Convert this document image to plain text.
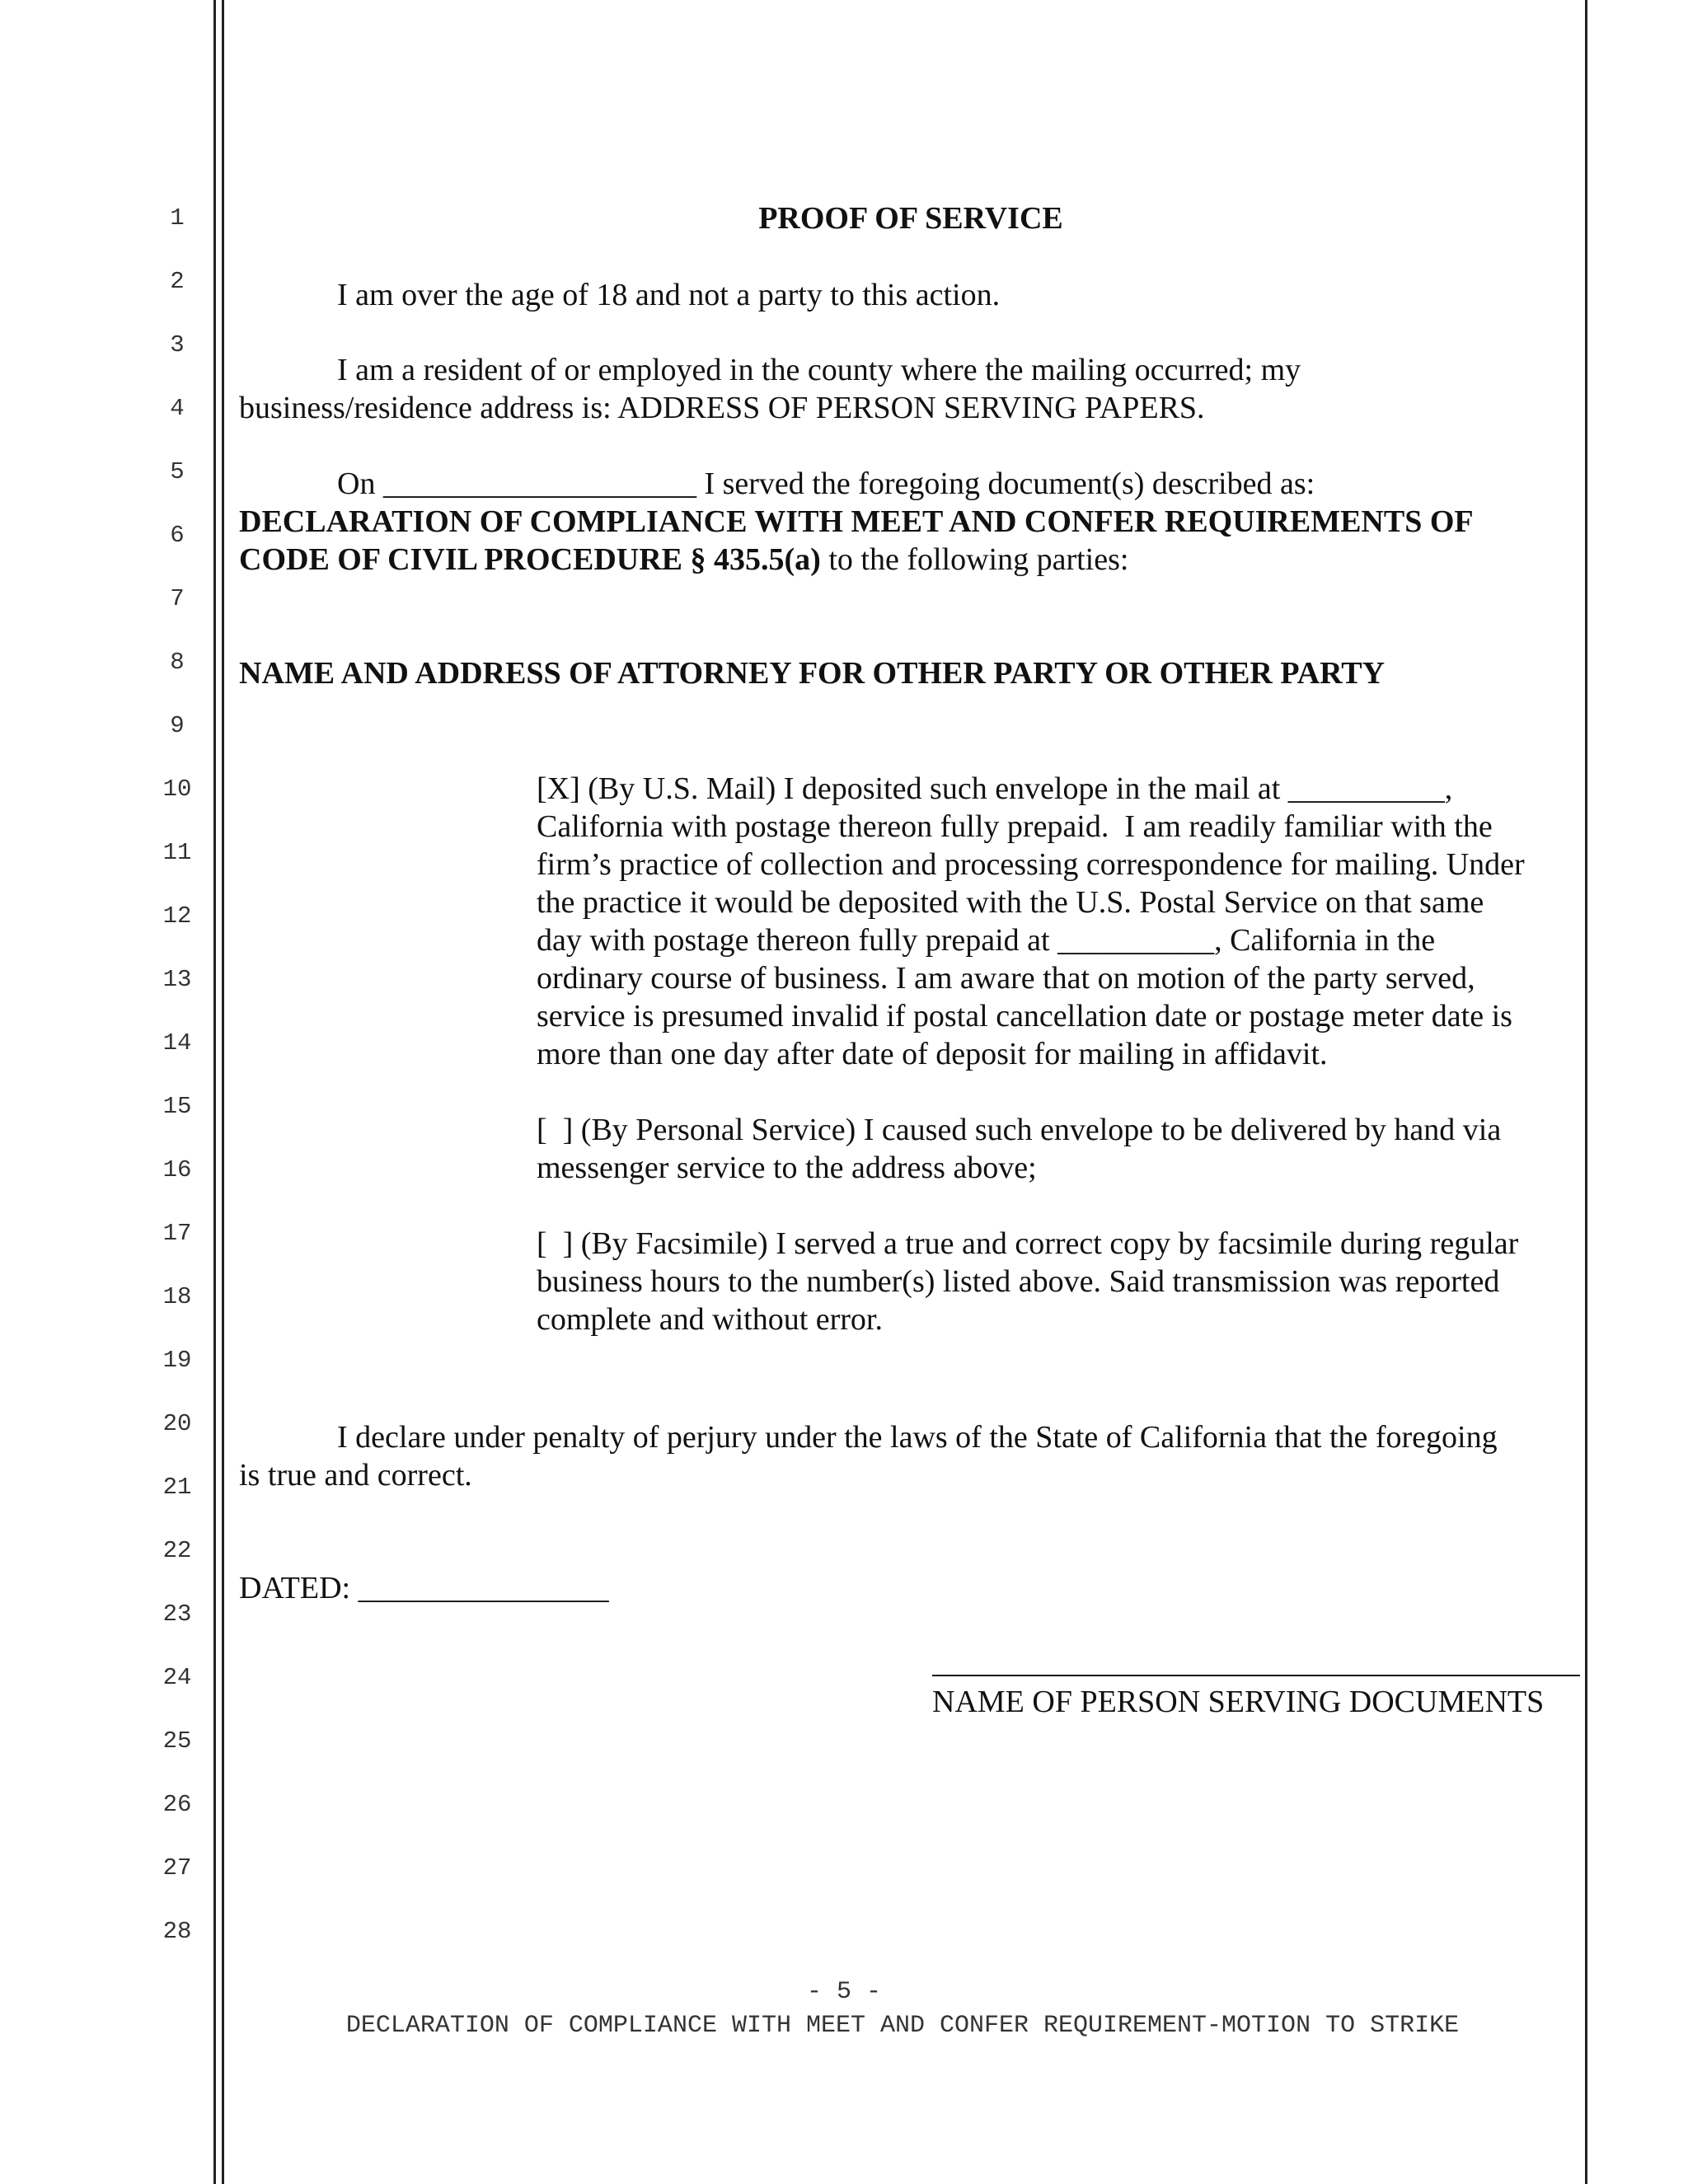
1
2
3
4
5
6
7
8
9
10
11
12
13
14
15
16
17
18
19
20
21
22
23
24
25
26
27
28
PROOF OF SERVICE
I am over the age of 18 and not a party to this action.
I am a resident of or employed in the county where the mailing occurred; my
business/residence address is: ADDRESS OF PERSON SERVING PAPERS.
On ____________________ I served the foregoing document(s) described as:
DECLARATION OF COMPLIANCE WITH MEET AND CONFER REQUIREMENTS OF
CODE OF CIVIL PROCEDURE § 435.5(a) to the following parties:
NAME AND ADDRESS OF ATTORNEY FOR OTHER PARTY OR OTHER PARTY
[X] (By U.S. Mail) I deposited such envelope in the mail at __________,
California with postage thereon fully prepaid.  I am readily familiar with the
firm’s practice of collection and processing correspondence for mailing. Under
the practice it would be deposited with the U.S. Postal Service on that same
day with postage thereon fully prepaid at __________, California in the
ordinary course of business. I am aware that on motion of the party served,
service is presumed invalid if postal cancellation date or postage meter date is
more than one day after date of deposit for mailing in affidavit.
[  ] (By Personal Service) I caused such envelope to be delivered by hand via
messenger service to the address above;
[  ] (By Facsimile) I served a true and correct copy by facsimile during regular
business hours to the number(s) listed above. Said transmission was reported
complete and without error.
I declare under penalty of perjury under the laws of the State of California that the foregoing
is true and correct.
DATED: ________________
NAME OF PERSON SERVING DOCUMENTS
- 5 -
DECLARATION OF COMPLIANCE WITH MEET AND CONFER REQUIREMENT-MOTION TO STRIKE
